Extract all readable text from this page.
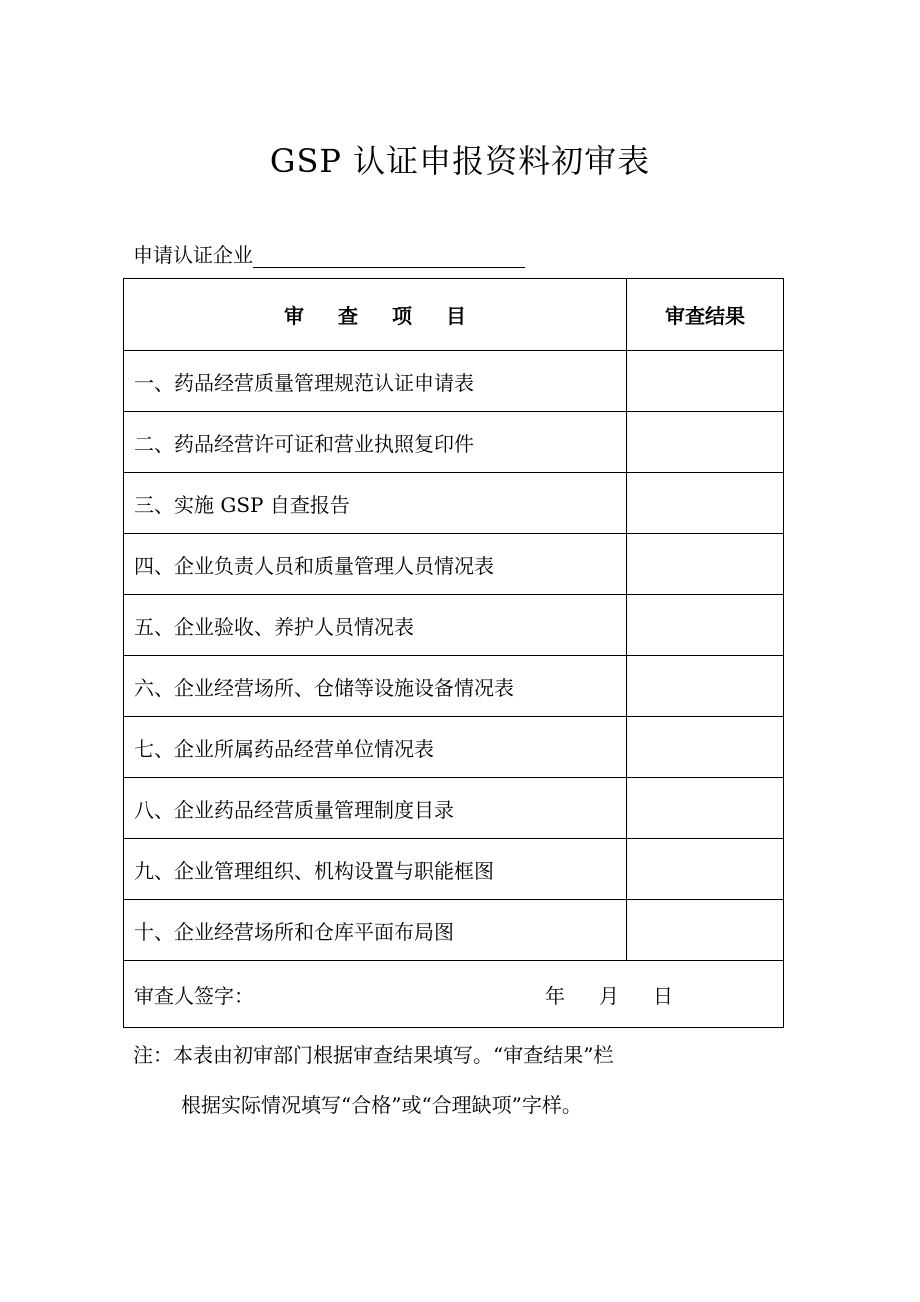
GSP 认证申报资料初审表
申请认证企业
审 查 项 目	审查结果
一、药品经营质量管理规范认证申请表	
二、药品经营许可证和营业执照复印件	
三、实施 GSP 自查报告	
四、企业负责人员和质量管理人员情况表	
五、企业验收、养护人员情况表	
六、企业经营场所、仓储等设施设备情况表	
七、企业所属药品经营单位情况表	
八、企业药品经营质量管理制度目录	
九、企业管理组织、机构设置与职能框图	
十、企业经营场所和仓库平面布局图	

审查人签字： 年 月 日	
注：本表由初审部门根据审查结果填写。“审查结果”栏
根据实际情况填写“合格”或“合理缺项”字样。
